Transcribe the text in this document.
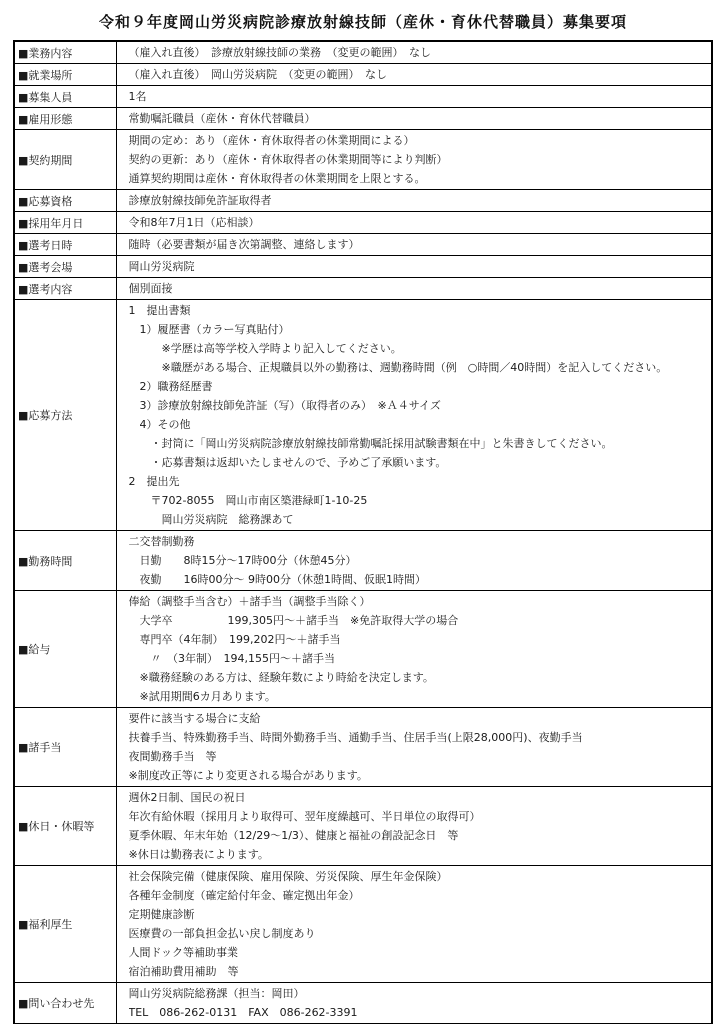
令和９年度岡山労災病院診療放射線技師（産休・育休代替職員）募集要項
■業務内容	（雇入れ直後）　診療放射線技師の業務　（変更の範囲）　なし

■就業場所	（雇入れ直後）　岡山労災病院　（変更の範囲）　なし

■募集人員	1名

■雇用形態	常勤嘱託職員（産休・育休代替職員）

■契約期間	期間の定め：あり（産休・育休取得者の休業期間による）
契約の更新：あり（産休・育休取得者の休業期間等により判断）
通算契約期間は産休・育休取得者の休業期間を上限とする。

■応募資格	診療放射線技師免許証取得者

■採用年月日	令和8年7月1日（応相談）

■選考日時	随時（必要書類が届き次第調整、連絡します）

■選考会場	岡山労災病院

■選考内容	個別面接

■応募方法	
1　提出書類
　1）履歴書（カラー写真貼付）
　　　※学歴は高等学校入学時より記入してください。
　　　※職歴がある場合、正規職員以外の勤務は、週勤務時間（例　○時間／40時間）を記入してください。
　2）職務経歴書
　3）診療放射線技師免許証（写）（取得者のみ）　※Ａ４サイズ
　4）その他
　　・封筒に「岡山労災病院診療放射線技師常勤嘱託採用試験書類在中」と朱書きしてください。
　　・応募書類は返却いたしませんので、予めご了承願います。
2　提出先
　　〒702-8055　岡山市南区築港緑町1-10-25
　　　岡山労災病院　総務課あて

■勤務時間	二交替制勤務
　日勤　　8時15分～17時00分（休憩45分）
　夜勤　　16時00分～ 9時00分（休憩1時間、仮眠1時間）

■給与	
俸給（調整手当含む）＋諸手当（調整手当除く）
　大学卒　　　　　199,305円～＋諸手当　※免許取得大学の場合
　専門卒（4年制）　199,202円～＋諸手当
　　〃　（3年制）　194,155円～＋諸手当
　※職務経験のある方は、経験年数により時給を決定します。
　※試用期間6カ月あります。

■諸手当	要件に該当する場合に支給
扶養手当、特殊勤務手当、時間外勤務手当、通勤手当、住居手当(上限28,000円)、夜勤手当
夜間勤務手当　等
※制度改正等により変更される場合があります。

■休日・休暇等	週休2日制、国民の祝日
年次有給休暇（採用月より取得可、翌年度繰越可、半日単位の取得可）
夏季休暇、年末年始（12/29～1/3）、健康と福祉の創設記念日　等
※休日は勤務表によります。

■福利厚生	
社会保険完備（健康保険、雇用保険、労災保険、厚生年金保険）
各種年金制度（確定給付年金、確定拠出年金）
定期健康診断
医療費の一部負担金払い戻し制度あり
人間ドック等補助事業
宿泊補助費用補助　等

■問い合わせ先	岡山労災病院総務課（担当：岡田）
TEL　086-262-0131　FAX　086-262-3391
